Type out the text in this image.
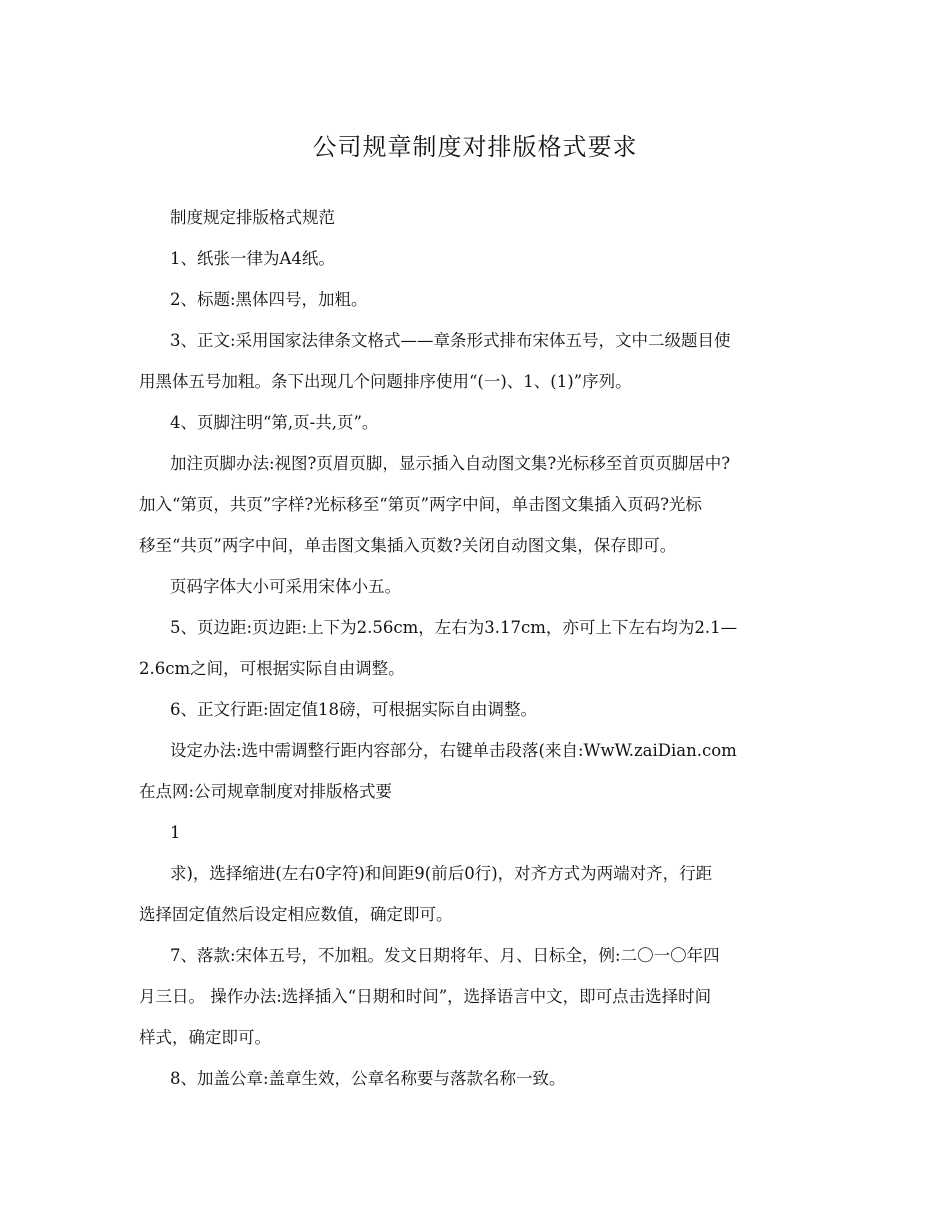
公司规章制度对排版格式要求
制度规定排版格式规范
1、纸张一律为A4纸。
2、标题:黑体四号，加粗。
3、正文:采用国家法律条文格式——章条形式排布宋体五号，文中二级题目使
用黑体五号加粗。条下出现几个问题排序使用“(一)、1、(1)”序列。
4、页脚注明“第,页-共,页”。
加注页脚办法:视图?页眉页脚，显示插入自动图文集?光标移至首页页脚居中?
加入“第页，共页”字样?光标移至“第页”两字中间，单击图文集插入页码?光标
移至“共页”两字中间，单击图文集插入页数?关闭自动图文集，保存即可。
页码字体大小可采用宋体小五。
5、页边距:页边距:上下为2.56cm，左右为3.17cm，亦可上下左右均为2.1—
2.6cm之间，可根据实际自由调整。
6、正文行距:固定值18磅，可根据实际自由调整。
设定办法:选中需调整行距内容部分，右键单击段落(来自:WwW.zaiDian.com
在点网:公司规章制度对排版格式要
1
求)，选择缩进(左右0字符)和间距9(前后0行)，对齐方式为两端对齐，行距
选择固定值然后设定相应数值，确定即可。
7、落款:宋体五号，不加粗。发文日期将年、月、日标全，例:二〇一〇年四
月三日。 操作办法:选择插入“日期和时间”，选择语言中文，即可点击选择时间
样式，确定即可。
8、加盖公章:盖章生效，公章名称要与落款名称一致。
